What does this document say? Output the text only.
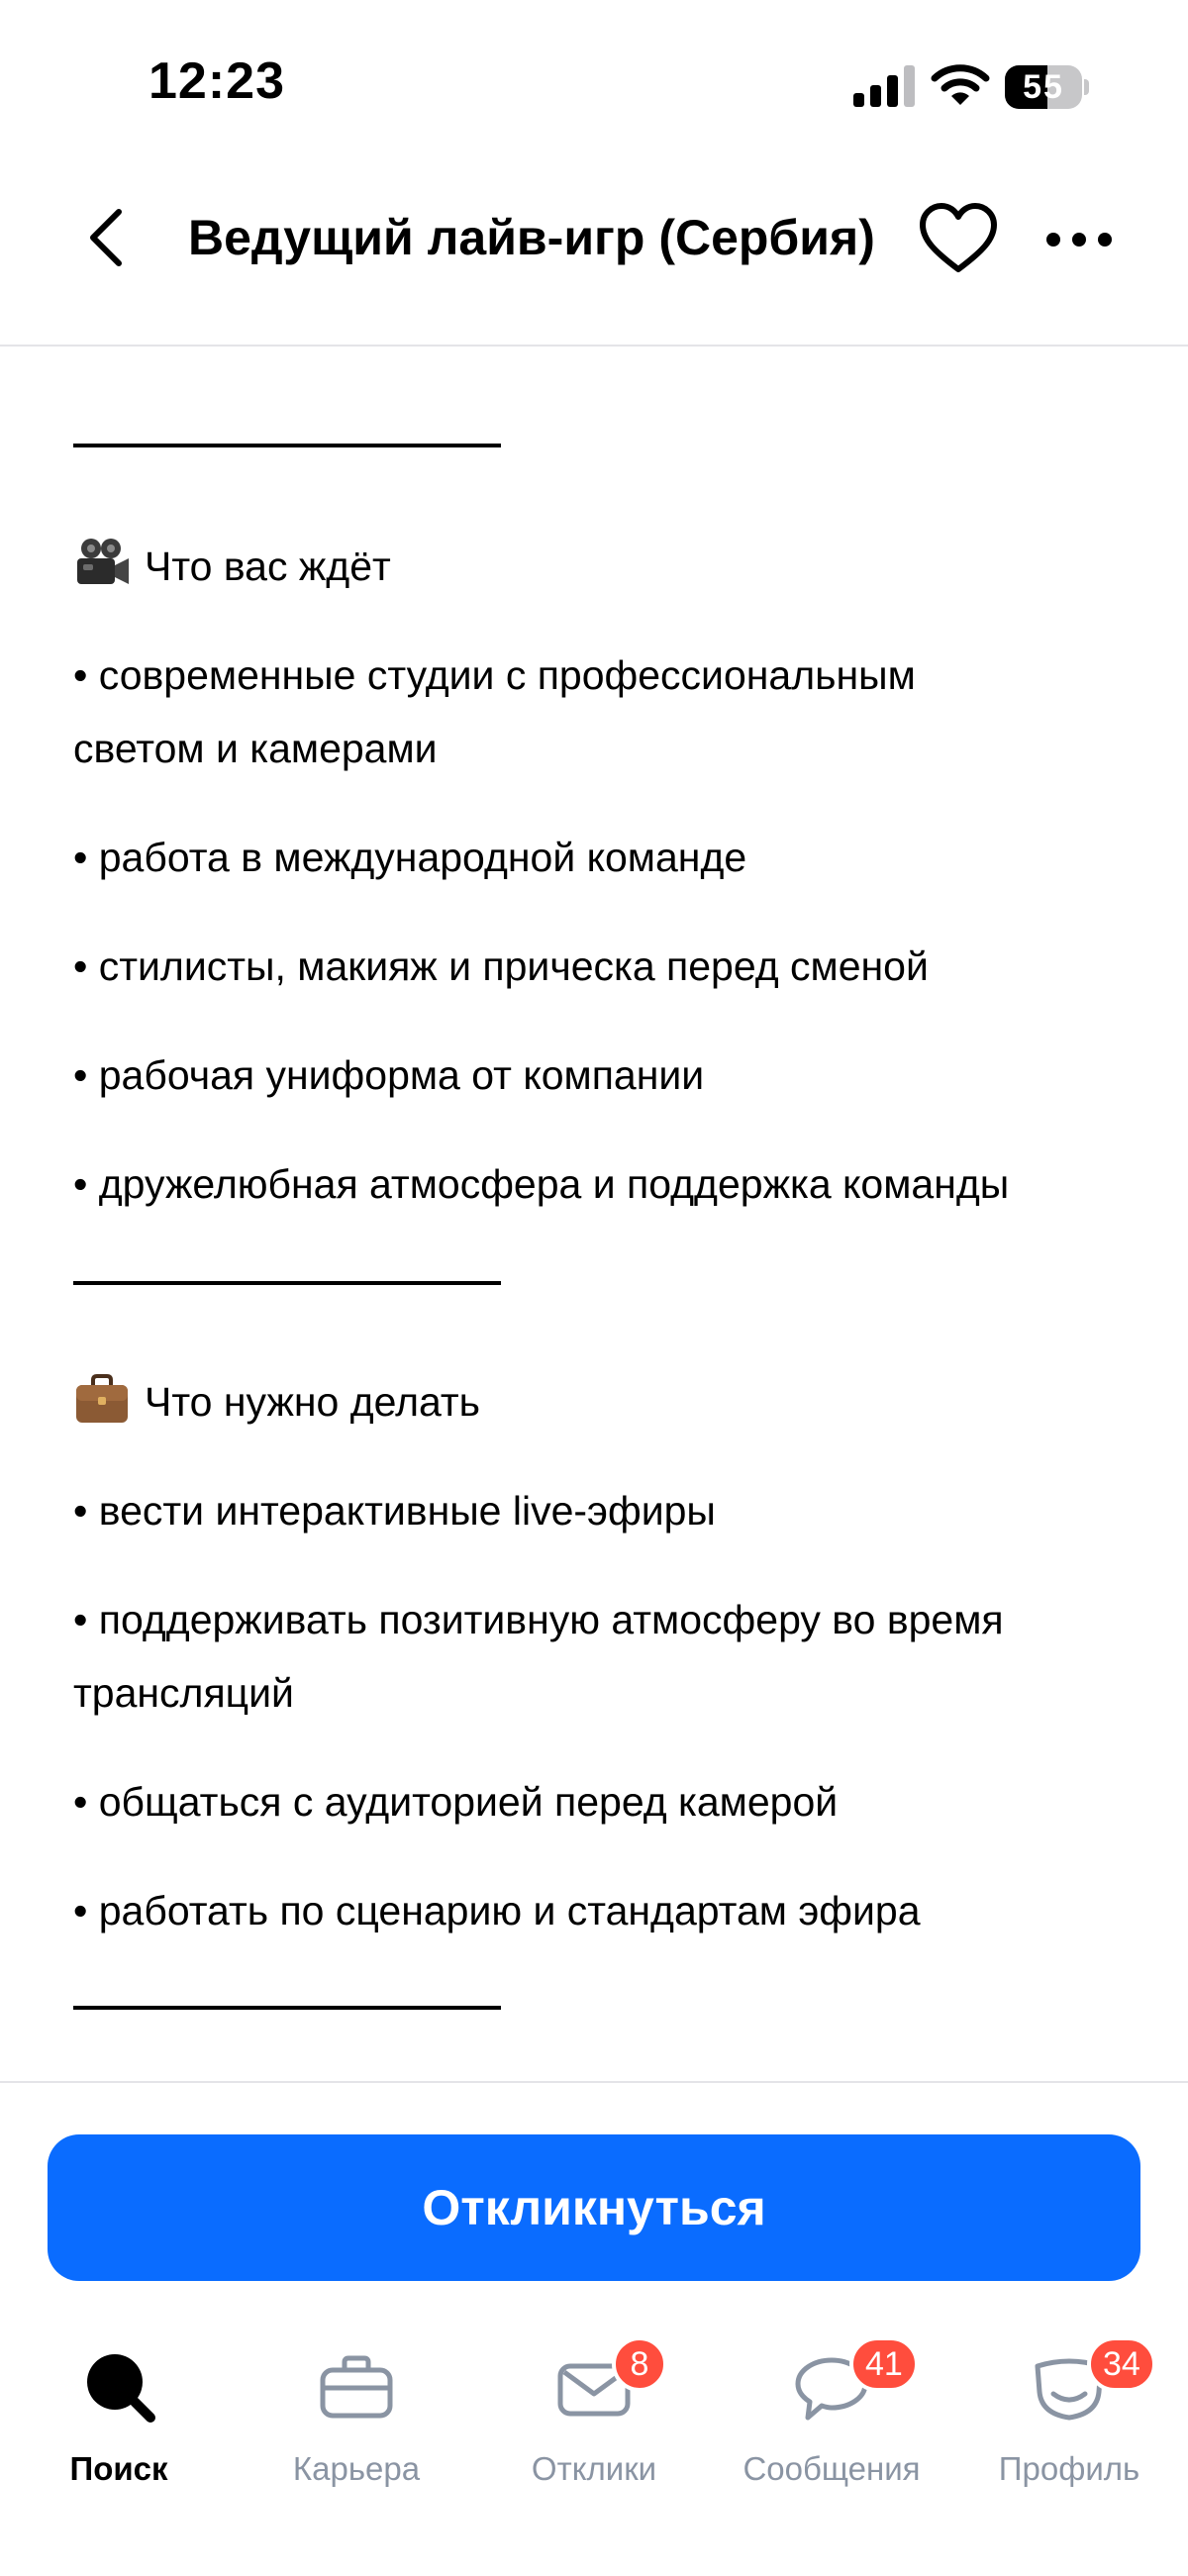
12:23	55
Что вас ждёт
• современные студии с профессиональным
светом и камерами
• работа в международной команде
• стилисты, макияж и прическа перед сменой
• рабочая униформа от компании
• дружелюбная атмосфера и поддержка команды
Что нужно делать
• вести интерактивные live-эфиры
• поддерживать позитивную атмосферу во время
трансляций
• общаться с аудиторией перед камерой
• работать по сценарию и стандартам эфира
Ведущий лайв-игр (Сербия)
Откликнуться
Поиск	Карьера
8
Отклики
41
Сообщения
34
Профиль
